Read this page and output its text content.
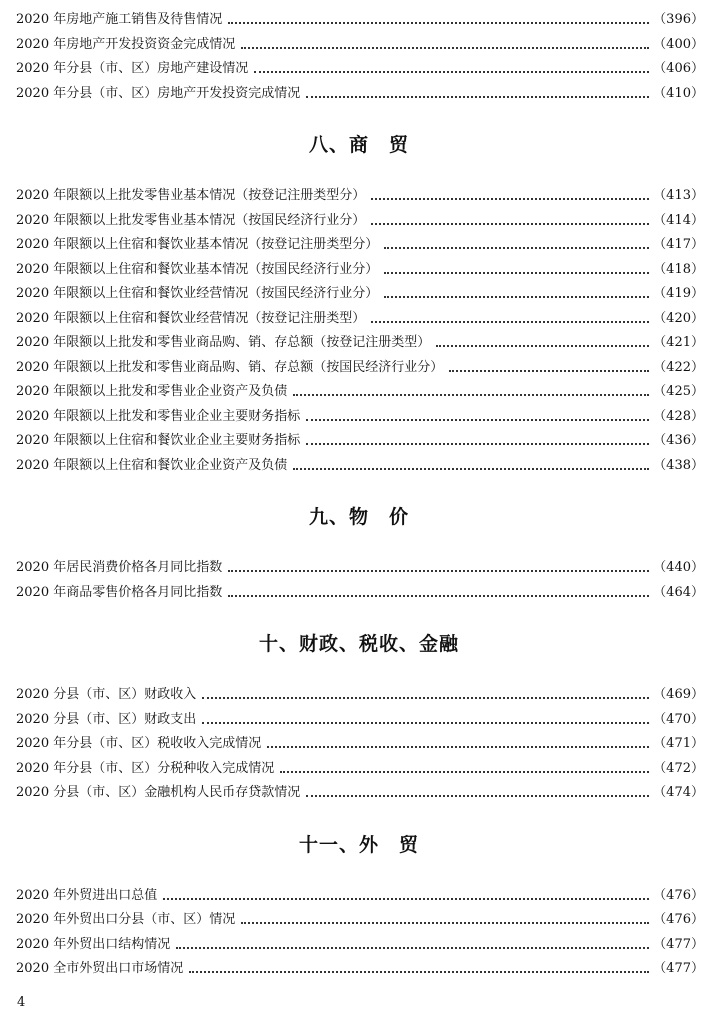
2020 年房地产施工销售及待售情况	（396）
2020 年房地产开发投资资金完成情况	（400）
2020 年分县（市、区）房地产建设情况	（406）
2020 年分县（市、区）房地产开发投资完成情况	（410）
八、商　贸
2020 年限额以上批发零售业基本情况（按登记注册类型分）	（413）
2020 年限额以上批发零售业基本情况（按国民经济行业分）	（414）
2020 年限额以上住宿和餐饮业基本情况（按登记注册类型分）	（417）
2020 年限额以上住宿和餐饮业基本情况（按国民经济行业分）	（418）
2020 年限额以上住宿和餐饮业经营情况（按国民经济行业分）	（419）
2020 年限额以上住宿和餐饮业经营情况（按登记注册类型）	（420）
2020 年限额以上批发和零售业商品购、销、存总额（按登记注册类型）	（421）
2020 年限额以上批发和零售业商品购、销、存总额（按国民经济行业分）	（422）
2020 年限额以上批发和零售业企业资产及负债	（425）
2020 年限额以上批发和零售业企业主要财务指标	（428）
2020 年限额以上住宿和餐饮业企业主要财务指标	（436）
2020 年限额以上住宿和餐饮业企业资产及负债	（438）
九、物　价
2020 年居民消费价格各月同比指数	（440）
2020 年商品零售价格各月同比指数	（464）
十、财政、税收、金融
2020 分县（市、区）财政收入	（469）
2020 分县（市、区）财政支出	（470）
2020 年分县（市、区）税收收入完成情况	（471）
2020 年分县（市、区）分税种收入完成情况	（472）
2020 分县（市、区）金融机构人民币存贷款情况	（474）
十一、外　贸
2020 年外贸进出口总值	（476）
2020 年外贸出口分县（市、区）情况	（476）
2020 年外贸出口结构情况	（477）
2020 全市外贸出口市场情况	（477）
4
